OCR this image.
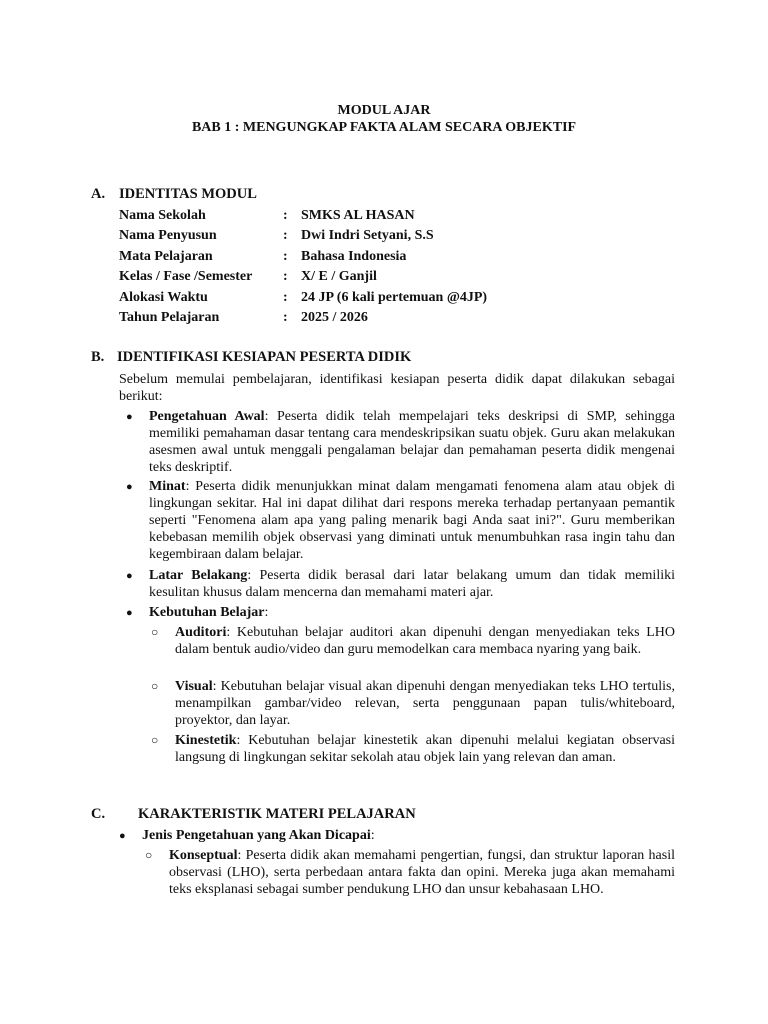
MODUL AJAR
BAB 1 : MENGUNGKAP FAKTA ALAM SECARA OBJEKTIF
A. IDENTITAS MODUL
Nama Sekolah	: SMKS AL HASAN
Nama Penyusun	: Dwi Indri Setyani, S.S
Mata Pelajaran	: Bahasa Indonesia
Kelas / Fase /Semester : X/ E / Ganjil
Alokasi Waktu	: 24 JP (6 kali pertemuan @4JP)
Tahun Pelajaran	: 2025 / 2026
B. IDENTIFIKASI KESIAPAN PESERTA DIDIK
Sebelum memulai pembelajaran, identifikasi kesiapan peserta didik dapat dilakukan sebagai berikut:
● Pengetahuan Awal: Peserta didik telah mempelajari teks deskripsi di SMP, sehingga memiliki pemahaman dasar tentang cara mendeskripsikan suatu objek. Guru akan melakukan asesmen awal untuk menggali pengalaman belajar dan pemahaman peserta didik mengenai teks deskriptif.
● Minat: Peserta didik menunjukkan minat dalam mengamati fenomena alam atau objek di lingkungan sekitar. Hal ini dapat dilihat dari respons mereka terhadap pertanyaan pemantik seperti "Fenomena alam apa yang paling menarik bagi Anda saat ini?". Guru memberikan kebebasan memilih objek observasi yang diminati untuk menumbuhkan rasa ingin tahu dan kegembiraan dalam belajar.
● Latar Belakang: Peserta didik berasal dari latar belakang umum dan tidak memiliki kesulitan khusus dalam mencerna dan memahami materi ajar.
● Kebutuhan Belajar:
○ Auditori: Kebutuhan belajar auditori akan dipenuhi dengan menyediakan teks LHO dalam bentuk audio/video dan guru memodelkan cara membaca nyaring yang baik.
○ Visual: Kebutuhan belajar visual akan dipenuhi dengan menyediakan teks LHO tertulis, menampilkan gambar/video relevan, serta penggunaan papan tulis/whiteboard, proyektor, dan layar.
○ Kinestetik: Kebutuhan belajar kinestetik akan dipenuhi melalui kegiatan observasi langsung di lingkungan sekitar sekolah atau objek lain yang relevan dan aman.
C. KARAKTERISTIK MATERI PELAJARAN
● Jenis Pengetahuan yang Akan Dicapai:
○ Konseptual: Peserta didik akan memahami pengertian, fungsi, dan struktur laporan hasil observasi (LHO), serta perbedaan antara fakta dan opini. Mereka juga akan memahami teks eksplanasi sebagai sumber pendukung LHO dan unsur kebahasaan LHO.
